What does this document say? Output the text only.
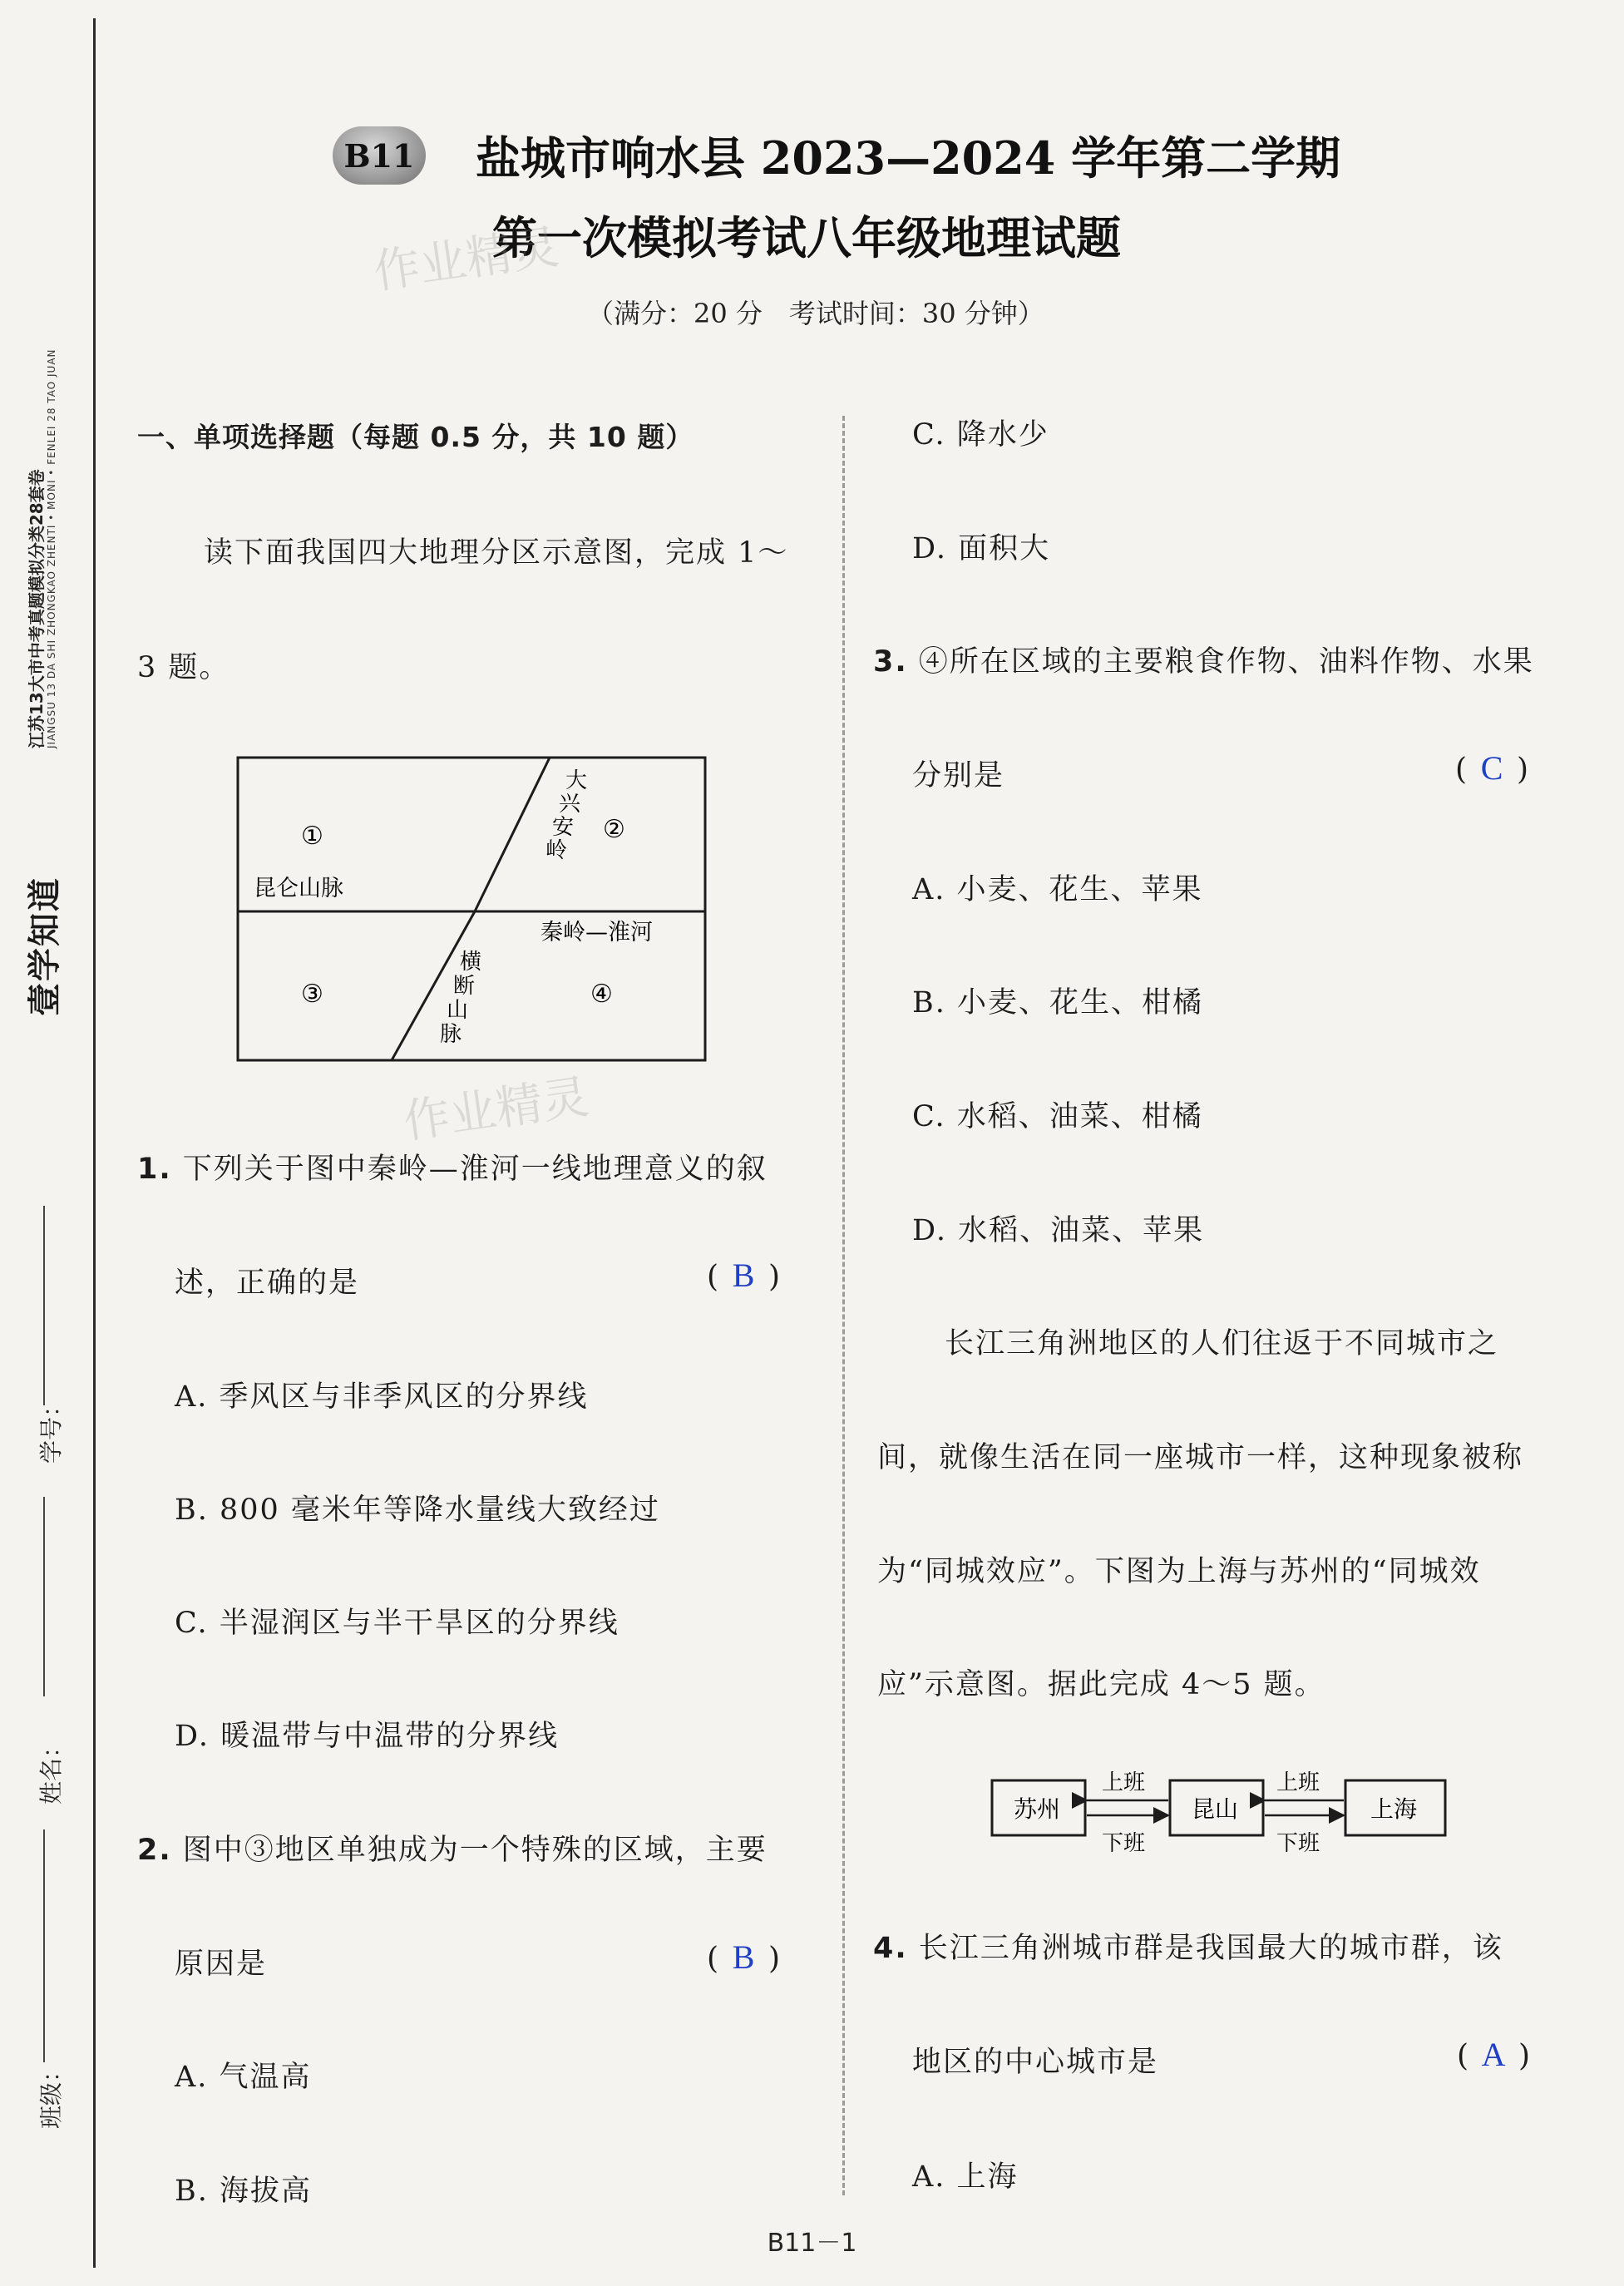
壹学知道
江苏13大市中考真题模拟分类28套卷 JIANGSU 13 DA SHI ZHONGKAO ZHENTI • MONI • FENLEI 28 TAO JUAN
学号：
姓名：
班级：
B11 盐城市响水县 2023—2024 学年第二学期
第一次模拟考试八年级地理试题
（满分：20 分　考试时间：30 分钟）
作业精灵
作业精灵
一、单项选择题（每题 0.5 分，共 10 题）
读下面我国四大地理分区示意图，完成 1～
3 题。
①	②
③	④
昆仑山脉
秦岭—淮河
大
兴
安
岭
横
断
山
脉
1. 下列关于图中秦岭—淮河一线地理意义的叙
述，正确的是	( B )
A. 季风区与非季风区的分界线
B. 800 毫米年等降水量线大致经过
C. 半湿润区与半干旱区的分界线
D. 暖温带与中温带的分界线
2. 图中③地区单独成为一个特殊的区域，主要
原因是	( B )
A. 气温高
B. 海拔高
C. 降水少
D. 面积大
3. ④所在区域的主要粮食作物、油料作物、水果
分别是	( C )
A. 小麦、花生、苹果
B. 小麦、花生、柑橘
C. 水稻、油菜、柑橘
D. 水稻、油菜、苹果
长江三角洲地区的人们往返于不同城市之
间，就像生活在同一座城市一样，这种现象被称
为“同城效应”。下图为上海与苏州的“同城效
应”示意图。据此完成 4～5 题。
苏州	昆山	上海
上班
下班
上班
下班
4. 长江三角洲城市群是我国最大的城市群，该
地区的中心城市是	( A )
A. 上海
B11－1
